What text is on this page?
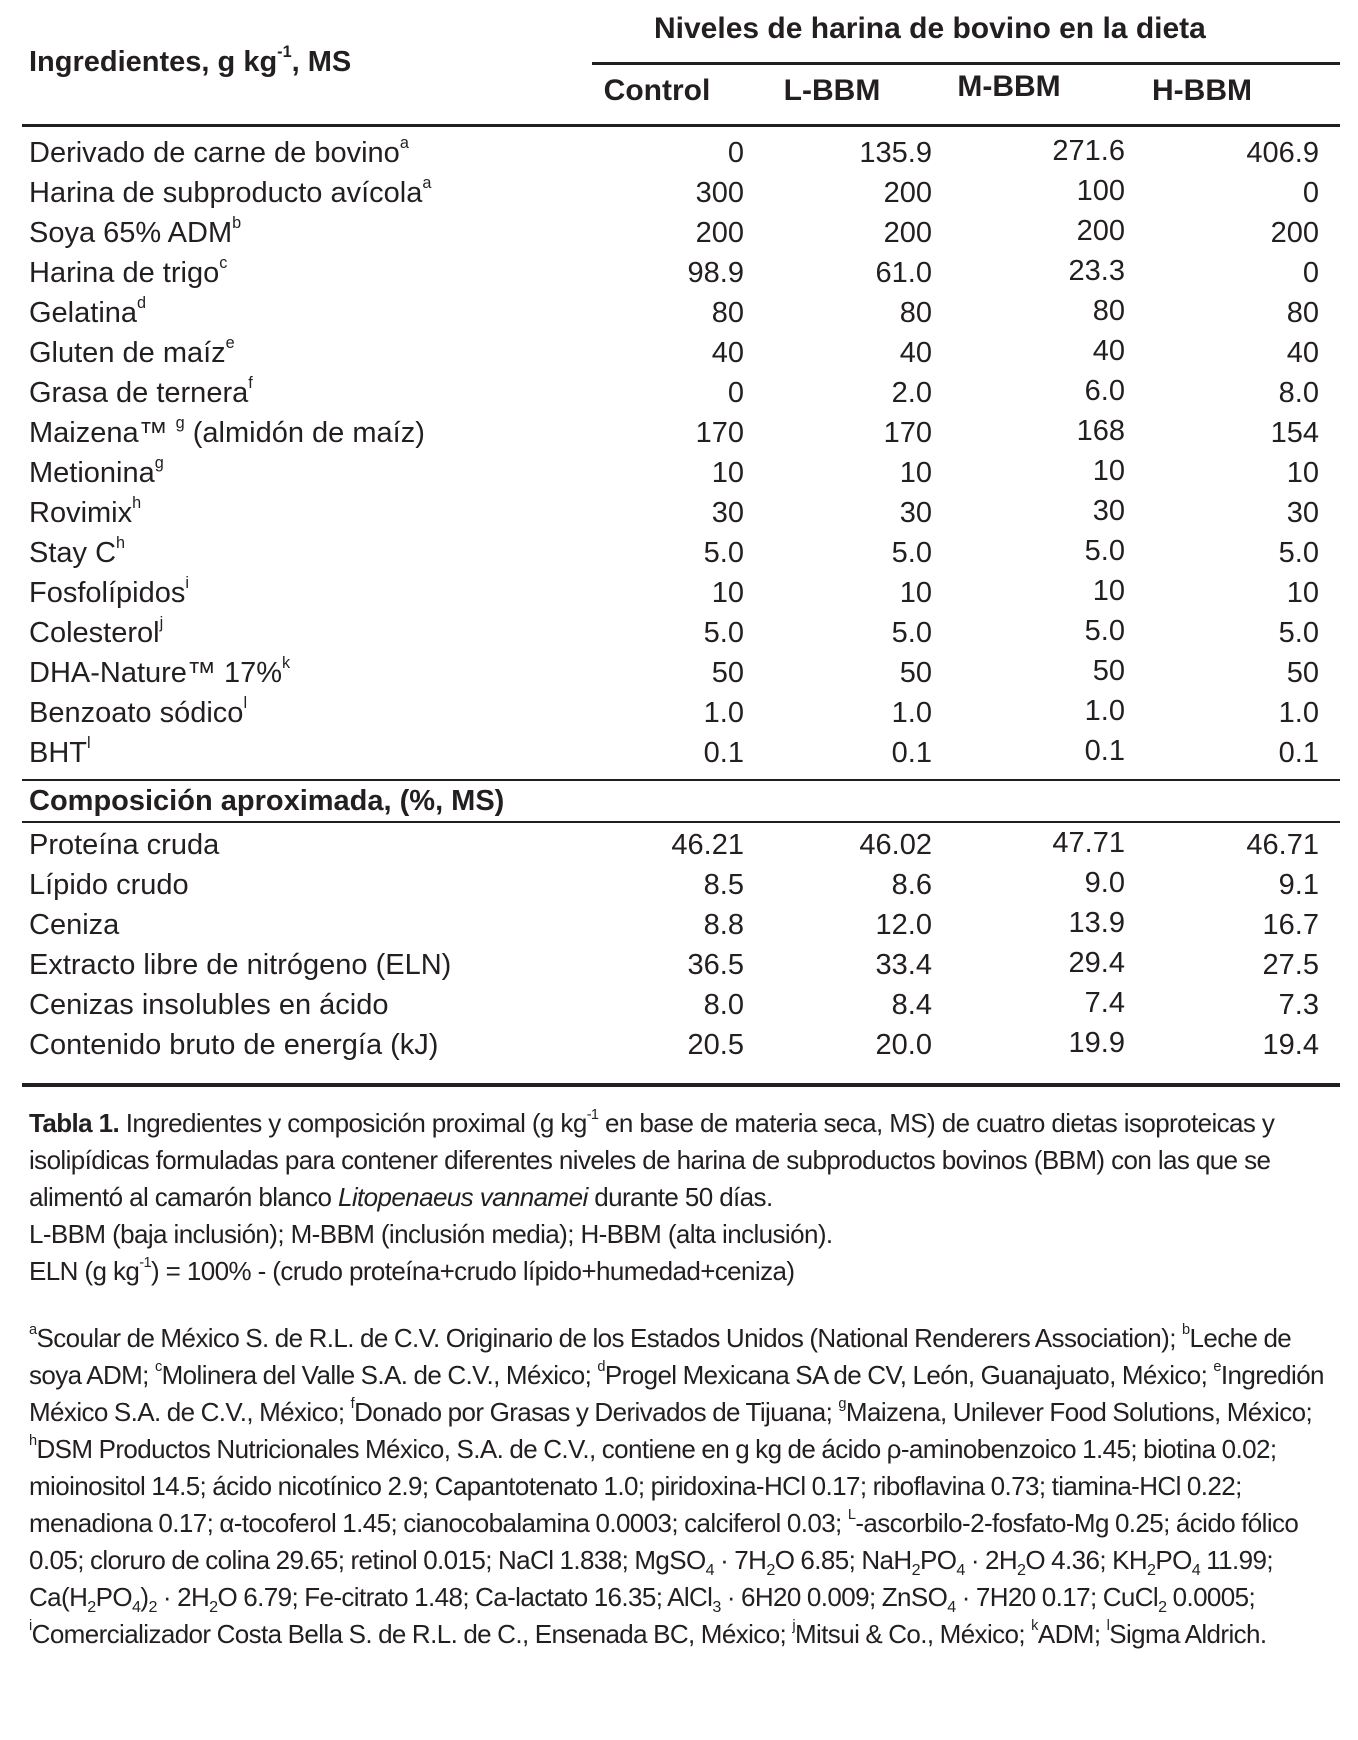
Ingredientes, g $kg^{-1}$, MS
Niveles de harina de bovino en la dieta
Control	L-BBM	M-BBM	H-BBM
Derivado de carne de bovino$^a$	0	135.9	271.6	406.9
Harina de subproducto avícola$^a$	300	200	100	0
Soya 65% ADM$^b$	200	200	200	200
Harina de trigo$^c$	98.9	61.0	23.3	0
Gelatina$^d$	80	80	80	80
Gluten de maíz$^e$	40	40	40	40
Grasa de ternera$^f$	0	2.0	6.0	8.0
Maizena™ $^g$ (almidón de maíz)	170	170	168	154
Metionina$^g$	10	10	10	10
Rovimix$^h$	30	30	30	30
Stay $C^h$	5.0	5.0	5.0	5.0
Fosfolípidos$^i$	10	10	10	10
Colesterol$^j$	5.0	5.0	5.0	5.0
DHA-Nature™ 17%$^k$	50	50	50	50
Benzoato sódico$^l$	1.0	1.0	1.0	1.0
BHT$^l$	0.1	0.1	0.1	0.1
Composición aproximada, (%, MS)
Proteína cruda	46.21	46.02	47.71	46.71
Lípido crudo	8.5	8.6	9.0	9.1
Ceniza	8.8	12.0	13.9	16.7
Extracto libre de nitrógeno (ELN)	36.5	33.4	29.4	27.5
Cenizas insolubles en ácido	8.0	8.4	7.4	7.3
Contenido bruto de energía (kJ)	20.5	20.0	19.9	19.4
Tabla 1. Ingredientes y composición proximal (g $kg^{-1}$ en base de materia seca, MS) de cuatro dietas isoproteicas y isolipídicas formuladas para contener diferentes niveles de harina de subproductos bovinos (BBM) con las que se alimentó al camarón blanco Litopenaeus vannamei durante 50 días.
L-BBM (baja inclusión); M-BBM (inclusión media); H-BBM (alta inclusión).
ELN (g $kg^{-1}) = 100\%$ - (crudo proteína+crudo lípido+humedad+ceniza)
$^a$Scoular de México S. de R.L. de C.V. Originario de los Estados Unidos (National Renderers Association); $^b$Leche de soya ADM; $^c$Molinera del Valle S.A. de C.V., México; $^d$Progel Mexicana SA de CV, León, Guanajuato, México; $^e$Ingredión México S.A. de C.V., México; $^f$Donado por Grasas y Derivados de Tijuana; $^g$Maizena, Unilever Food Solutions, México; $^h$DSM Productos Nutricionales México, S.A. de C.V., contiene en g kg de ácido ρ-aminobenzoico 1.45; biotina 0.02; mioinositol 14.5; ácido nicotínico 2.9; Capantotenato 1.0; piridoxina-HCl 0.17; riboflavina 0.73; tiamina-HCl 0.22; menadiona 0.17; α-tocoferol 1.45; cianocobalamina 0.0003; calciferol 0.03; $^L$-ascorbilo-2-fosfato-Mg 0.25; ácido fólico 0.05; cloruro de colina 29.65; retinol 0.015; NaCl 1.838; MgSO$_4$ · $7H_2O$ 6.85; $NaH_2PO_4 \cdot 2H_2O$ 4.36; $KH_2PO_4$ 11.99; $Ca(H_2PO_4)_2 \cdot 2H_2O$ 6.79; Fe-citrato 1.48; Ca-lactato 16.35; AlCl$_3$ · 6H20 0.009; ZnSO$_4$ · 7H20 0.17; CuCl$_2$ 0.0005; $^i$Comercializador Costa Bella S. de R.L. de C., Ensenada BC, México; $^j$Mitsui & Co., México; $^k$ADM; $^l$Sigma Aldrich.
